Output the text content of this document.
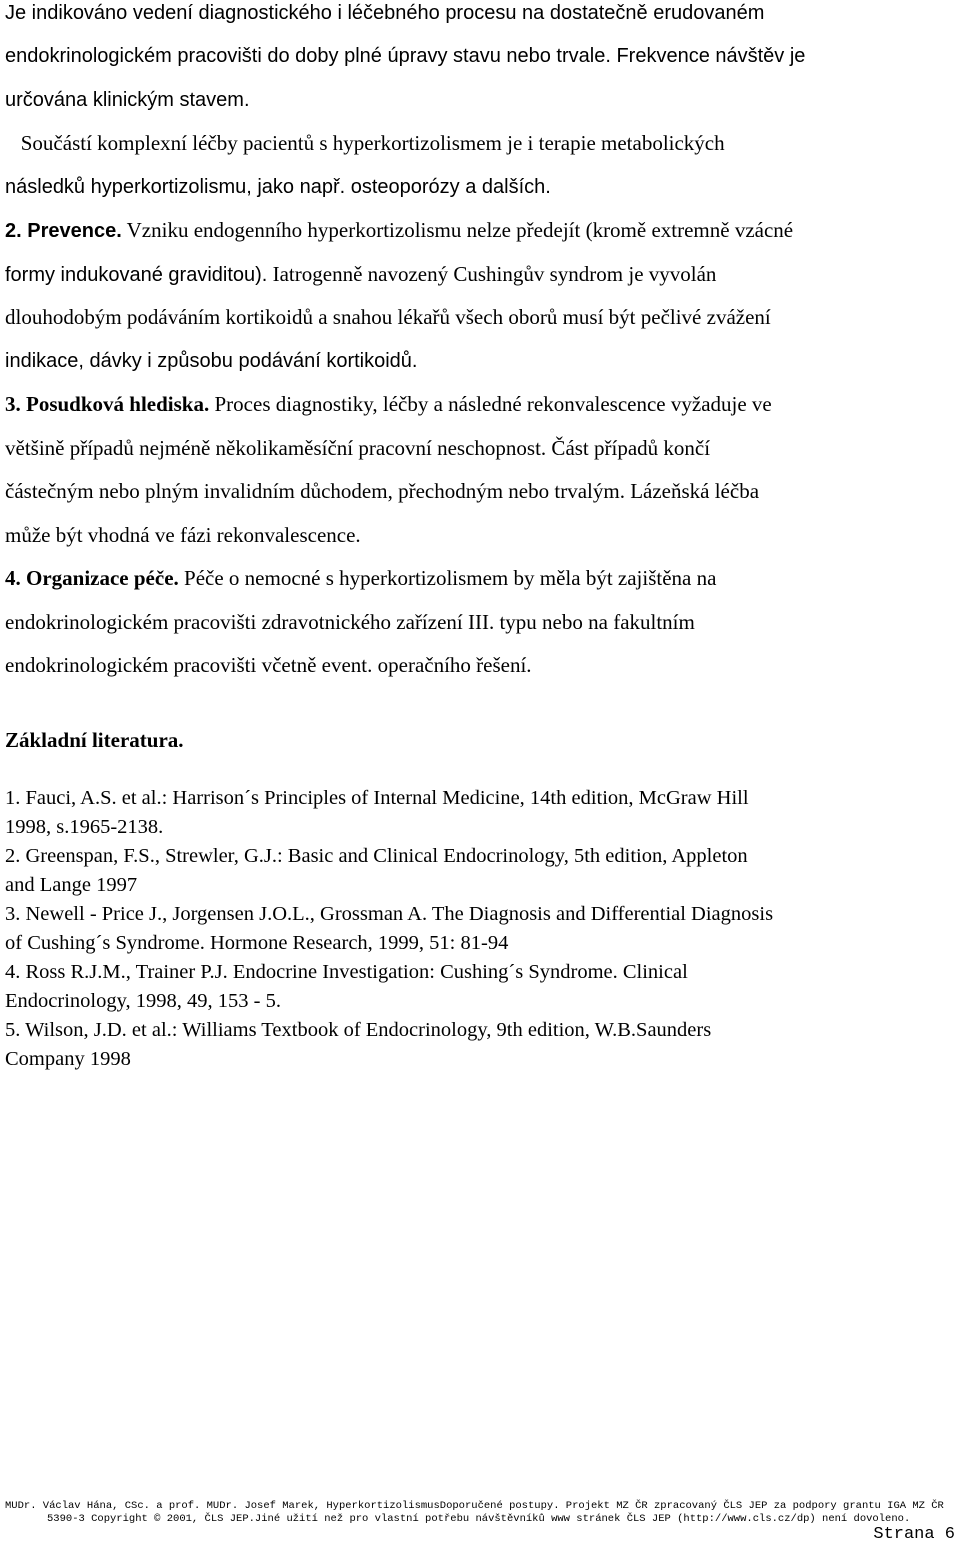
Je indikováno vedení diagnostického i léčebného procesu na dostatečně erudovaném
endokrinologickém pracovišti do doby plné úpravy stavu nebo trvale. Frekvence návštěv je
určována klinickým stavem.
Součástí komplexní léčby pacientů s hyperkortizolismem je i terapie metabolických
následků hyperkortizolismu, jako např. osteoporózy a dalších.
2. Prevence. Vzniku endogenního hyperkortizolismu nelze předejít (kromě extremně vzácné
formy indukované graviditou). Iatrogenně navozený Cushingův syndrom je vyvolán
dlouhodobým podáváním kortikoidů a snahou lékařů všech oborů musí být pečlivé zvážení
indikace, dávky i způsobu podávání kortikoidů.
3. Posudková hlediska. Proces diagnostiky, léčby a následné rekonvalescence vyžaduje ve
většině případů nejméně několikaměsíční pracovní neschopnost. Část případů končí
částečným nebo plným invalidním důchodem, přechodným nebo trvalým. Lázeňská léčba
může být vhodná ve fázi rekonvalescence.
4. Organizace péče. Péče o nemocné s hyperkortizolismem by měla být zajištěna na
endokrinologickém pracovišti zdravotnického zařízení III. typu nebo na fakultním
endokrinologickém pracovišti včetně event. operačního řešení.
Základní literatura.
1. Fauci, A.S. et al.: Harrison´s Principles of Internal Medicine, 14th edition, McGraw Hill
1998, s.1965-2138.
2. Greenspan, F.S., Strewler, G.J.: Basic and Clinical Endocrinology, 5th edition, Appleton
and Lange 1997
3. Newell - Price J., Jorgensen J.O.L., Grossman A. The Diagnosis and Differential Diagnosis
of Cushing´s Syndrome. Hormone Research, 1999, 51: 81-94
4. Ross R.J.M., Trainer P.J. Endocrine Investigation: Cushing´s Syndrome. Clinical
Endocrinology, 1998, 49, 153 - 5.
5. Wilson, J.D. et al.: Williams Textbook of Endocrinology, 9th edition, W.B.Saunders
Company 1998
MUDr. Václav Hána, CSc. a prof. MUDr. Josef Marek, HyperkortizolismusDoporučené postupy. Projekt MZ ČR zpracovaný ČLS JEP za podpory grantu IGA MZ ČR
5390-3 Copyright © 2001, ČLS JEP.Jiné užití než pro vlastní potřebu návštěvníků www stránek ČLS JEP (http://www.cls.cz/dp) není dovoleno.
Strana 6
